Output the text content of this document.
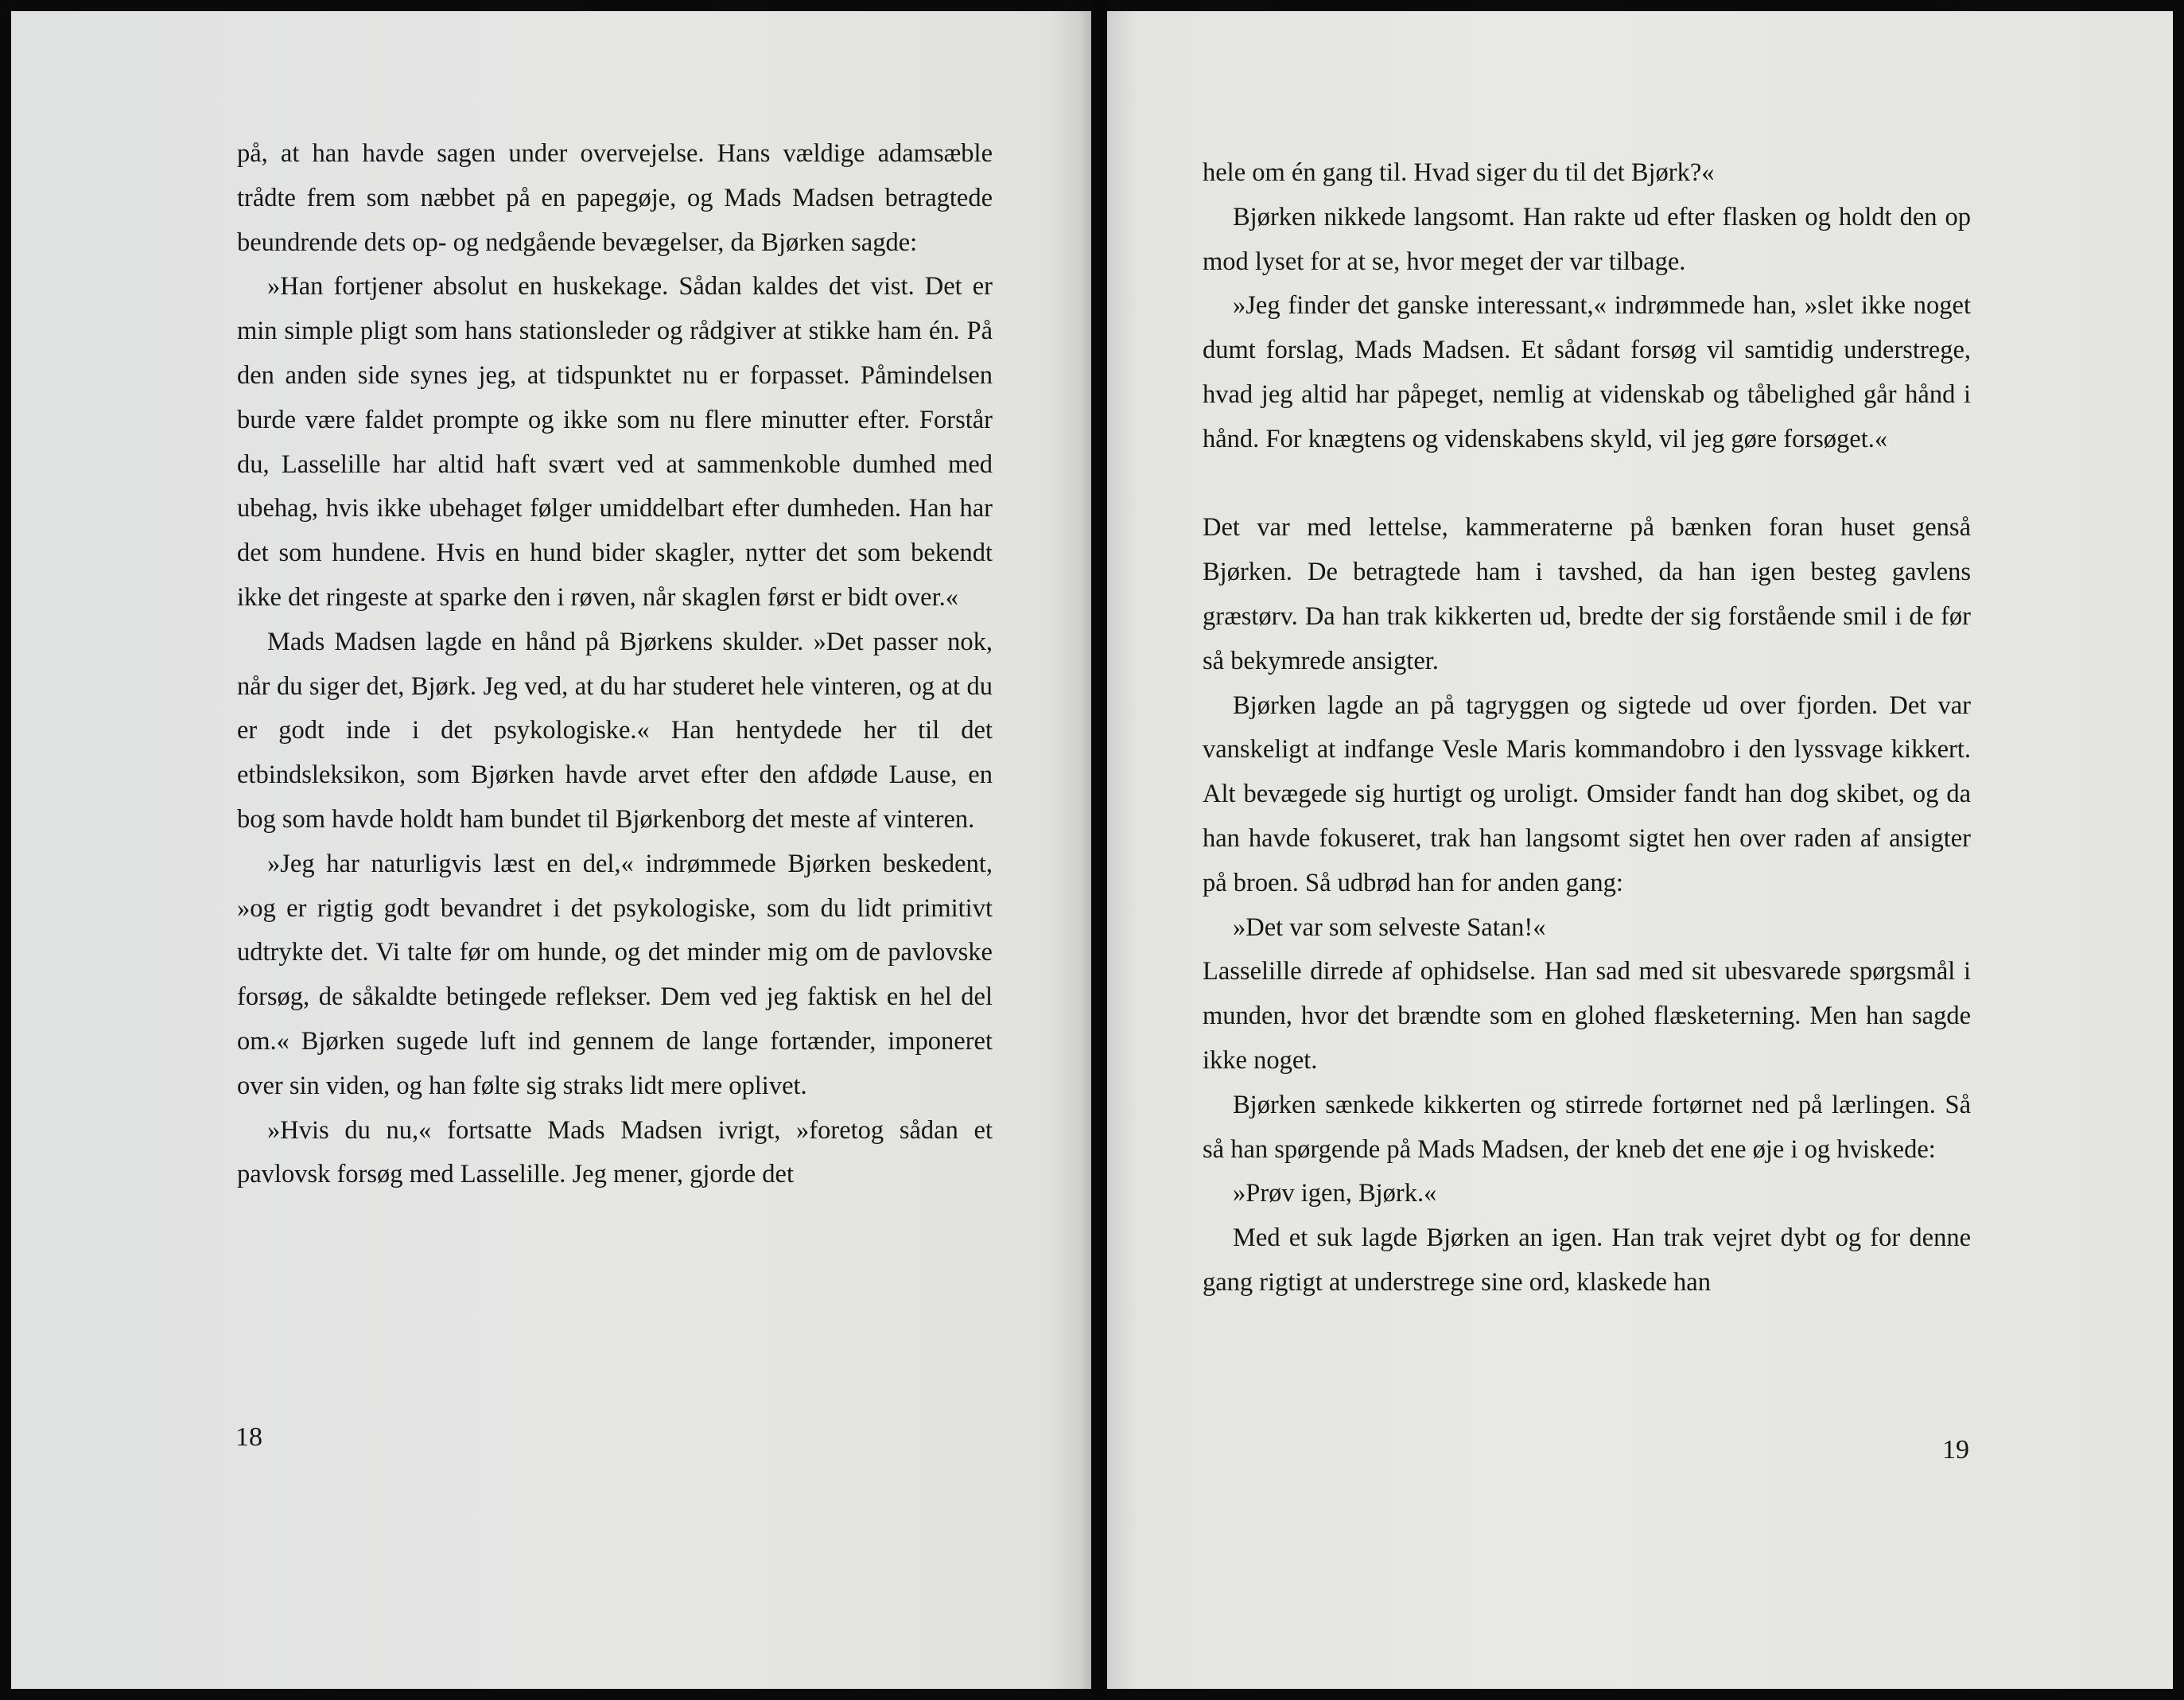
på, at han havde sagen under overvejelse. Hans vældige adamsæble trådte frem som næbbet på en papegøje, og Mads Madsen betragtede beundrende dets op- og nedgående bevægelser, da Bjørken sagde:

»Han fortjener absolut en huskekage. Sådan kaldes det vist. Det er min simple pligt som hans stationsleder og rådgiver at stikke ham én. På den anden side synes jeg, at tidspunktet nu er forpasset. Påmindelsen burde være faldet prompte og ikke som nu flere minutter efter. Forstår du, Lasselille har altid haft svært ved at sammenkoble dumhed med ubehag, hvis ikke ubehaget følger umiddelbart efter dumheden. Han har det som hundene. Hvis en hund bider skagler, nytter det som bekendt ikke det ringeste at sparke den i røven, når skaglen først er bidt over.«

Mads Madsen lagde en hånd på Bjørkens skulder. »Det passer nok, når du siger det, Bjørk. Jeg ved, at du har studeret hele vinteren, og at du er godt inde i det psykologiske.« Han hentydede her til det etbindsleksikon, som Bjørken havde arvet efter den afdøde Lause, en bog som havde holdt ham bundet til Bjørkenborg det meste af vinteren.

»Jeg har naturligvis læst en del,« indrømmede Bjørken beskedent, »og er rigtig godt bevandret i det psykologiske, som du lidt primitivt udtrykte det. Vi talte før om hunde, og det minder mig om de pavlovske forsøg, de såkaldte betingede reflekser. Dem ved jeg faktisk en hel del om.« Bjørken sugede luft ind gennem de lange fortænder, imponeret over sin viden, og han følte sig straks lidt mere oplivet.

»Hvis du nu,« fortsatte Mads Madsen ivrigt, »foretog sådan et pavlovsk forsøg med Lasselille. Jeg mener, gjorde det

18

hele om én gang til. Hvad siger du til det Bjørk?«

Bjørken nikkede langsomt. Han rakte ud efter flasken og holdt den op mod lyset for at se, hvor meget der var tilbage.

»Jeg finder det ganske interessant,« indrømmede han, »slet ikke noget dumt forslag, Mads Madsen. Et sådant forsøg vil samtidig understrege, hvad jeg altid har påpeget, nemlig at videnskab og tåbelighed går hånd i hånd. For knægtens og videnskabens skyld, vil jeg gøre forsøget.«

Det var med lettelse, kammeraterne på bænken foran huset genså Bjørken. De betragtede ham i tavshed, da han igen besteg gavlens græstørv. Da han trak kikkerten ud, bredte der sig forstående smil i de før så bekymrede ansigter.

Bjørken lagde an på tagryggen og sigtede ud over fjorden. Det var vanskeligt at indfange Vesle Maris kommandobro i den lyssvage kikkert. Alt bevægede sig hurtigt og uroligt. Omsider fandt han dog skibet, og da han havde fokuseret, trak han langsomt sigtet hen over raden af ansigter på broen. Så udbrød han for anden gang:

»Det var som selveste Satan!«

Lasselille dirrede af ophidselse. Han sad med sit ubesvarede spørgsmål i munden, hvor det brændte som en glohed flæsketerning. Men han sagde ikke noget.

Bjørken sænkede kikkerten og stirrede fortørnet ned på lærlingen. Så så han spørgende på Mads Madsen, der kneb det ene øje i og hviskede:

»Prøv igen, Bjørk.«

Med et suk lagde Bjørken an igen. Han trak vejret dybt og for denne gang rigtigt at understrege sine ord, klaskede han

19
